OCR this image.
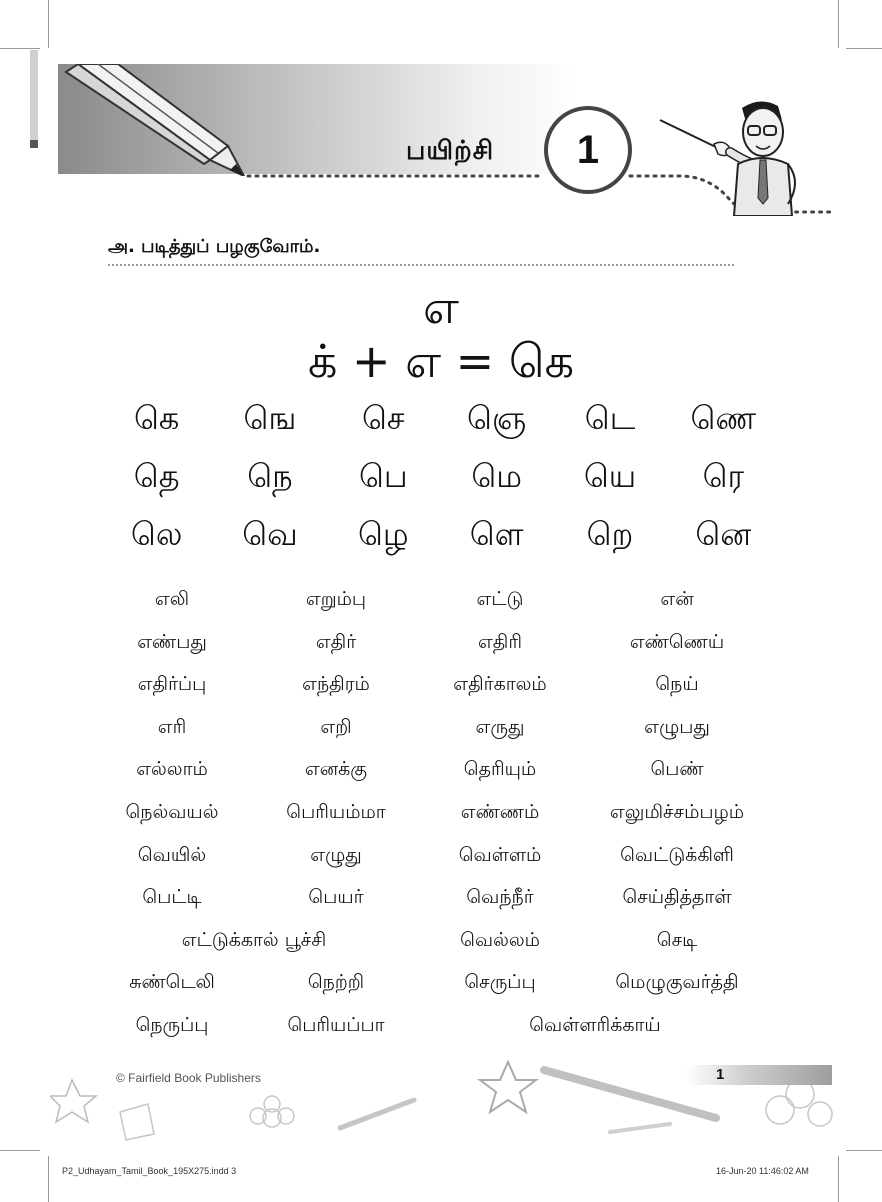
பயிற்சி	1
அ. படித்துப் பழகுவோம்.
எ
க் + எ = கெ
கெ	ஙெ	செ	ஞெ	டெ	ணெ
தெ	நெ	பெ	மெ	யெ	ரெ
லெ	வெ	ழெ	ளெ	றெ	னெ
எலி	எறும்பு	எட்டு	என்
எண்பது	எதிர்	எதிரி	எண்ணெய்
எதிர்ப்பு	எந்திரம்	எதிர்காலம்	நெய்
எரி	எறி	எருது	எழுபது
எல்லாம்	எனக்கு	தெரியும்	பெண்
நெல்வயல்	பெரியம்மா	எண்ணம்	எலுமிச்சம்பழம்
வெயில்	எழுது	வெள்ளம்	வெட்டுக்கிளி
பெட்டி	பெயர்	வெந்நீர்	செய்தித்தாள்
எட்டுக்கால் பூச்சி	வெல்லம்	செடி
சுண்டெலி	நெற்றி	செருப்பு	மெழுகுவர்த்தி
நெருப்பு	பெரியப்பா	வெள்ளரிக்காய்
© Fairfield Book Publishers	1
P2_Udhayam_Tamil_Book_195X275.indd 3	16-Jun-20 11:46:02 AM
